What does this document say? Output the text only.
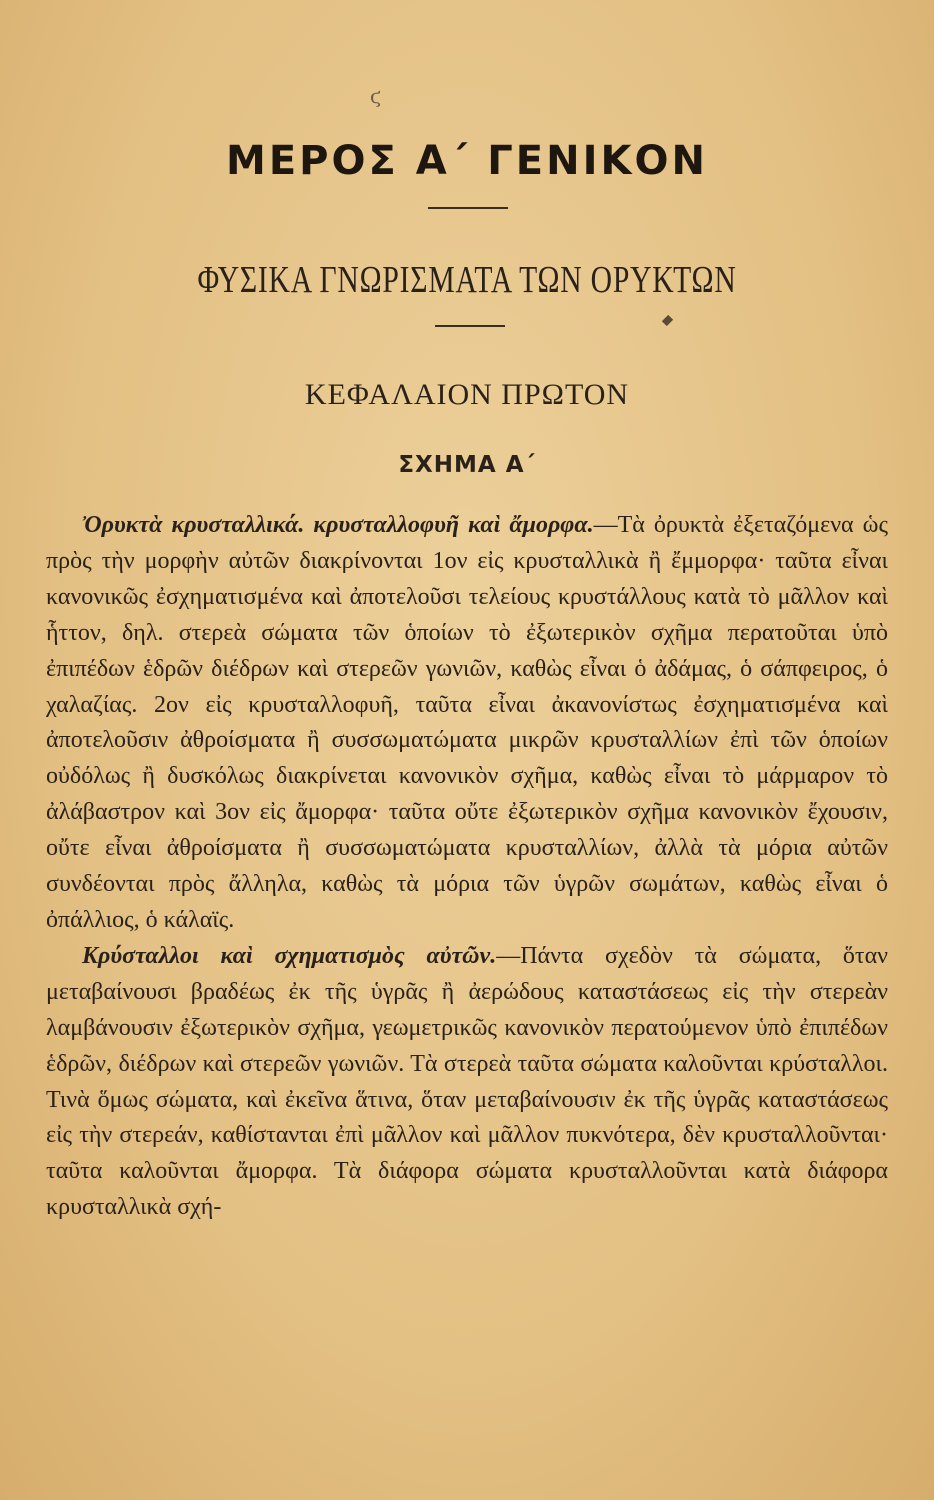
ϛ
ΜΕΡΟΣ Α΄ ΓΕΝΙΚΟΝ
ΦΥΣΙΚΑ ΓΝΩΡΙΣΜΑΤΑ ΤΩΝ ΟΡΥΚΤΩΝ
ΚΕΦΑΛΑΙΟΝ ΠΡΩΤΟΝ
ΣΧΗΜΑ Α΄

Ὀρυκτὰ κρυσταλλικά. κρυσταλλοφυῆ καὶ ἄμορφα.—Τὰ ὀρυκτὰ ἐξεταζόμενα ὡς πρὸς τὴν μορφὴν αὐτῶν διακρίνονται 1ον εἰς κρυσταλλικὰ ἢ ἔμμορφα· ταῦτα εἶναι κανονικῶς ἐσχηματισμένα καὶ ἀποτελοῦσι τελείους κρυστάλλους κατὰ τὸ μᾶλλον καὶ ἧττον, δηλ. στερεὰ σώματα τῶν ὁποίων τὸ ἐξωτερικὸν σχῆμα περατοῦται ὑπὸ ἐπιπέδων ἑδρῶν διέδρων καὶ στερεῶν γωνιῶν, καθὼς εἶναι ὁ ἀδάμας, ὁ σάπφειρος, ὁ χαλαζίας. 2ον εἰς κρυσταλλοφυῆ, ταῦτα εἶναι ἀκανονίστως ἐσχηματισμένα καὶ ἀποτελοῦσιν ἀθροίσματα ἢ συσσωματώματα μικρῶν κρυσταλλίων ἐπὶ τῶν ὁποίων οὐδόλως ἢ δυσκόλως διακρίνεται κανονικὸν σχῆμα, καθὼς εἶναι τὸ μάρμαρον τὸ ἀλάβαστρον καὶ 3ον εἰς ἄμορφα· ταῦτα οὔτε ἐξωτερικὸν σχῆμα κανονικὸν ἔχουσιν, οὔτε εἶναι ἀθροίσματα ἢ συσσωματώματα κρυσταλλίων, ἀλλὰ τὰ μόρια αὐτῶν συνδέονται πρὸς ἄλληλα, καθὼς τὰ μόρια τῶν ὑγρῶν σωμάτων, καθὼς εἶναι ὁ ὀπάλλιος, ὁ κάλαϊς.

Κρύσταλλοι καὶ σχηματισμὸς αὐτῶν.—Πάντα σχεδὸν τὰ σώματα, ὅταν μεταβαίνουσι βραδέως ἐκ τῆς ὑγρᾶς ἢ ἀερώδους καταστάσεως εἰς τὴν στερεὰν λαμβάνουσιν ἐξωτερικὸν σχῆμα, γεωμετρικῶς κανονικὸν περατούμενον ὑπὸ ἐπιπέδων ἑδρῶν, διέδρων καὶ στερεῶν γωνιῶν. Τὰ στερεὰ ταῦτα σώματα καλοῦνται κρύσταλλοι. Τινὰ ὅμως σώματα, καὶ ἐκεῖνα ἅτινα, ὅταν μεταβαίνουσιν ἐκ τῆς ὑγρᾶς καταστάσεως εἰς τὴν στερεάν, καθίστανται ἐπὶ μᾶλλον καὶ μᾶλλον πυκνότερα, δὲν κρυσταλλοῦνται· ταῦτα καλοῦνται ἄμορφα. Τὰ διάφορα σώματα κρυσταλλοῦνται κατὰ διάφορα κρυσταλλικὰ σχή-
